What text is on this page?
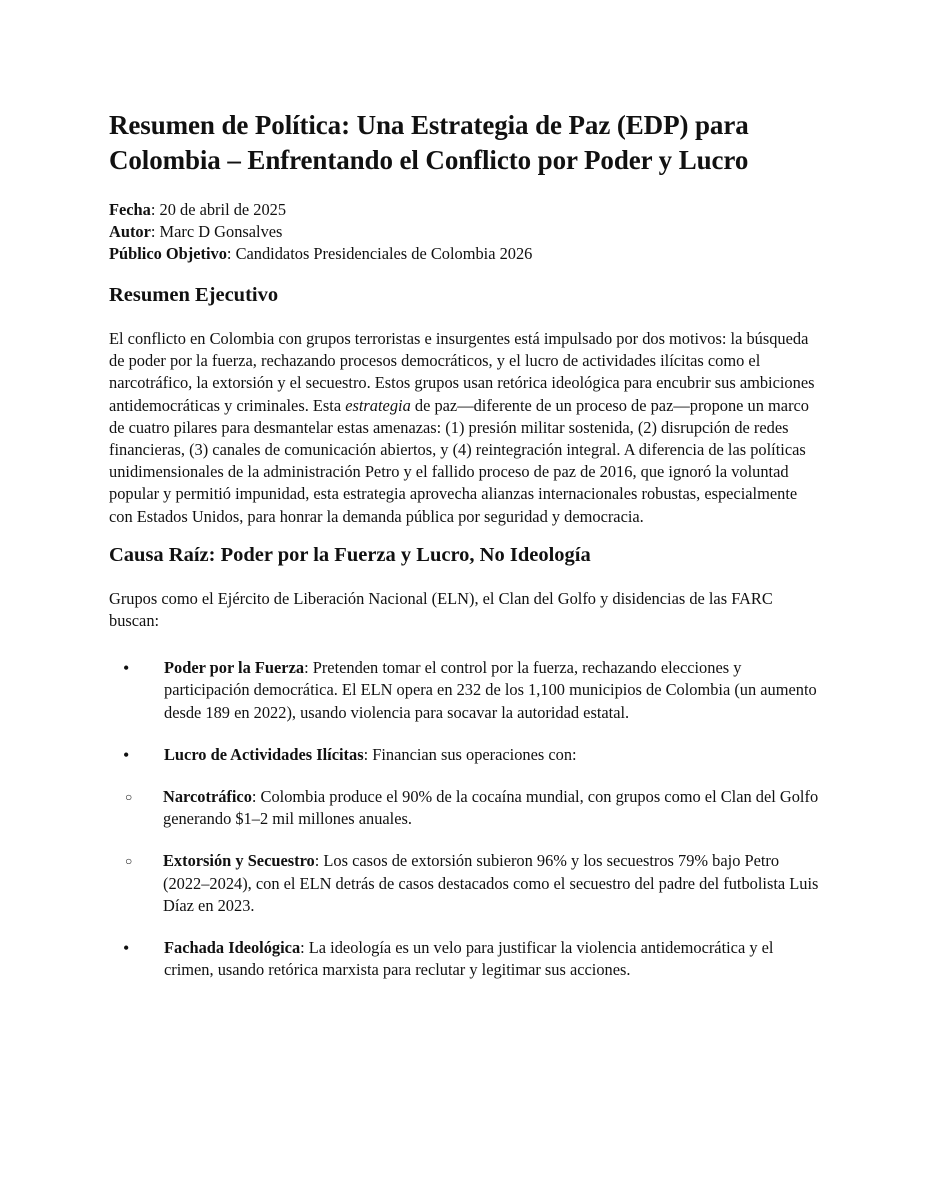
Resumen de Política: Una Estrategia de Paz (EDP) para Colombia – Enfrentando el Conflicto por Poder y Lucro
Fecha: 20 de abril de 2025
Autor: Marc D Gonsalves
Público Objetivo: Candidatos Presidenciales de Colombia 2026
Resumen Ejecutivo

El conflicto en Colombia con grupos terroristas e insurgentes está impulsado por dos motivos: la búsqueda de poder por la fuerza, rechazando procesos democráticos, y el lucro de actividades ilícitas como el narcotráfico, la extorsión y el secuestro. Estos grupos usan retórica ideológica para encubrir sus ambiciones antidemocráticas y criminales. Esta estrategia de paz—diferente de un proceso de paz—propone un marco de cuatro pilares para desmantelar estas amenazas: (1) presión militar sostenida, (2) disrupción de redes financieras, (3) canales de comunicación abiertos, y (4) reintegración integral. A diferencia de las políticas unidimensionales de la administración Petro y el fallido proceso de paz de 2016, que ignoró la voluntad popular y permitió impunidad, esta estrategia aprovecha alianzas internacionales robustas, especialmente con Estados Unidos, para honrar la demanda pública por seguridad y democracia.

Causa Raíz: Poder por la Fuerza y Lucro, No Ideología

Grupos como el Ejército de Liberación Nacional (ELN), el Clan del Golfo y disidencias de las FARC buscan:

• Poder por la Fuerza: Pretenden tomar el control por la fuerza, rechazando elecciones y participación democrática. El ELN opera en 232 de los 1,100 municipios de Colombia (un aumento desde 189 en 2022), usando violencia para socavar la autoridad estatal.
• Lucro de Actividades Ilícitas: Financian sus operaciones con:
○ Narcotráfico: Colombia produce el 90% de la cocaína mundial, con grupos como el Clan del Golfo generando $1–2 mil millones anuales.
○ Extorsión y Secuestro: Los casos de extorsión subieron 96% y los secuestros 79% bajo Petro (2022–2024), con el ELN detrás de casos destacados como el secuestro del padre del futbolista Luis Díaz en 2023.
• Fachada Ideológica: La ideología es un velo para justificar la violencia antidemocrática y el crimen, usando retórica marxista para reclutar y legitimar sus acciones.
